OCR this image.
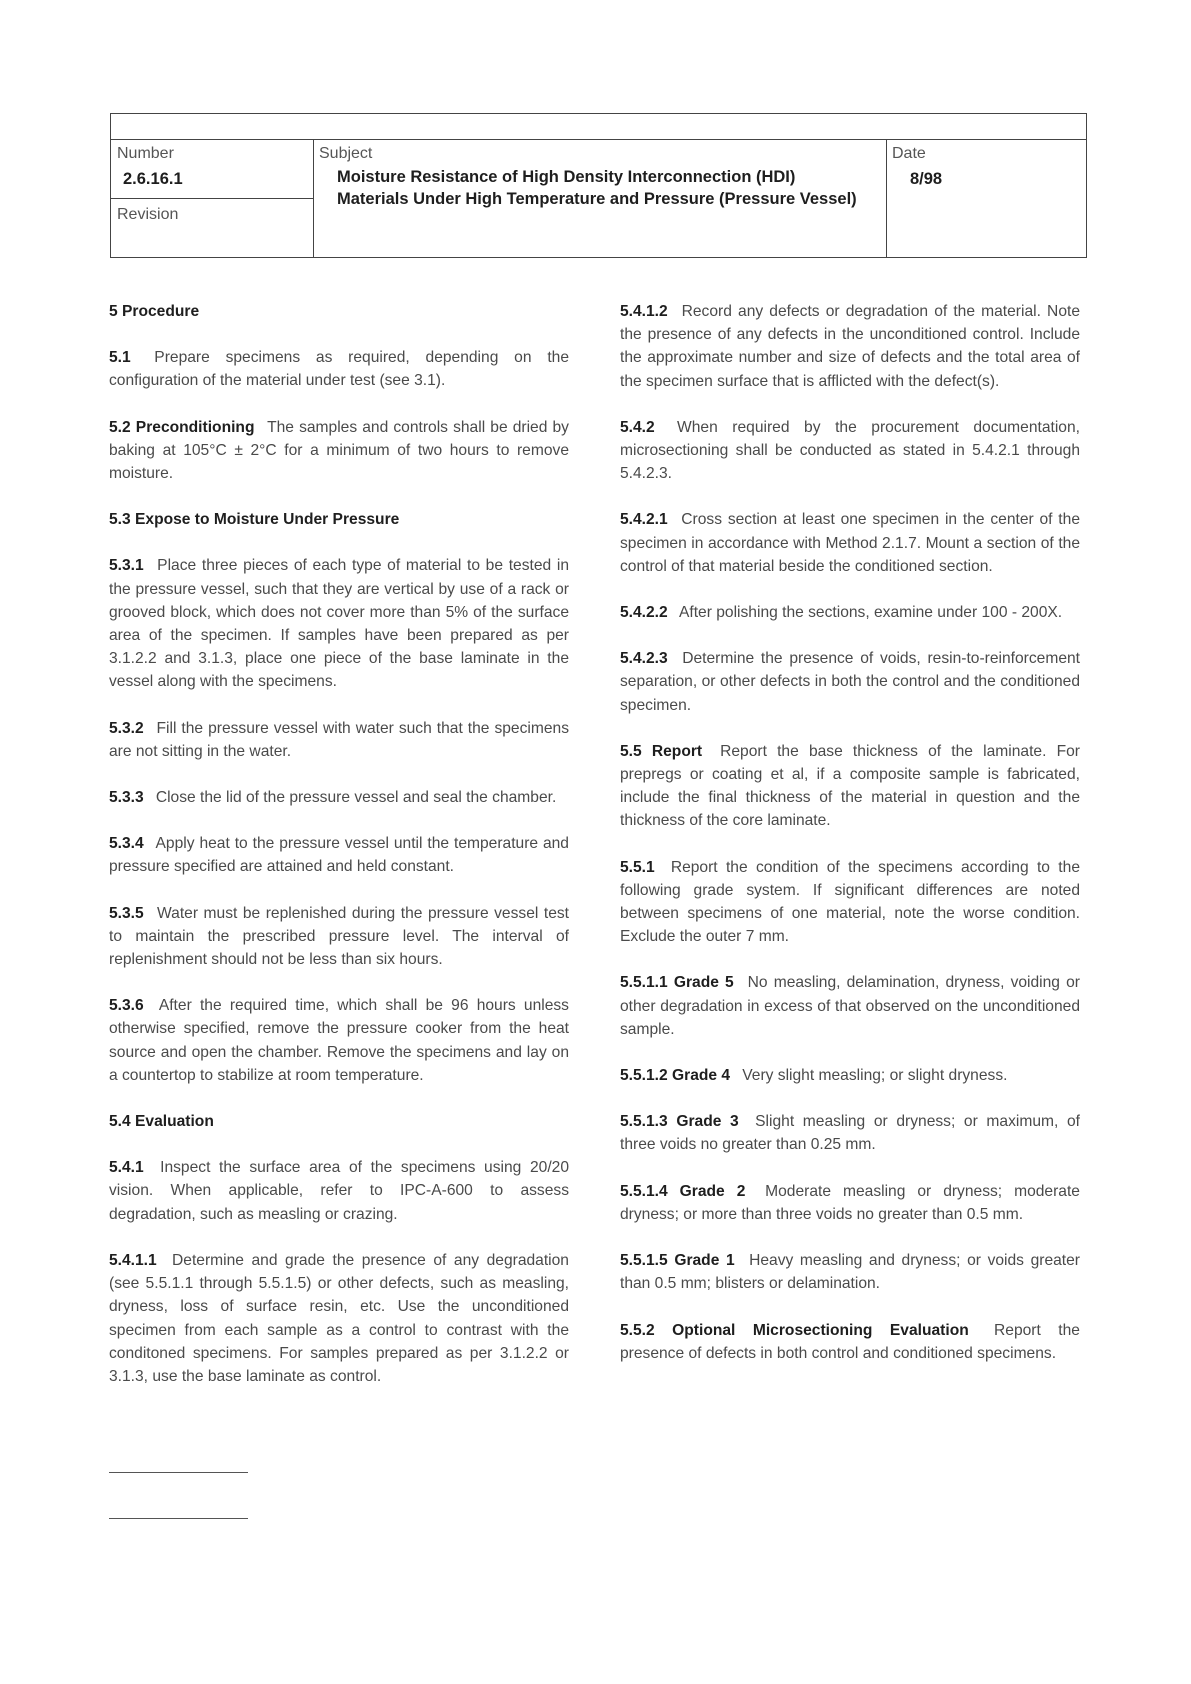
Number
2.6.16.1
Revision
Subject
Moisture Resistance of High Density Interconnection (HDI) Materials Under High Temperature and Pressure (Pressure Vessel)
Date
8/98
5 Procedure

5.1  Prepare specimens as required, depending on the configuration of the material under test (see 3.1).

5.2 Preconditioning  The samples and controls shall be dried by baking at 105°C ± 2°C for a minimum of two hours to remove moisture.

5.3 Expose to Moisture Under Pressure

5.3.1  Place three pieces of each type of material to be tested in the pressure vessel, such that they are vertical by use of a rack or grooved block, which does not cover more than 5% of the surface area of the specimen. If samples have been prepared as per 3.1.2.2 and 3.1.3, place one piece of the base laminate in the vessel along with the specimens.

5.3.2  Fill the pressure vessel with water such that the specimens are not sitting in the water.

5.3.3  Close the lid of the pressure vessel and seal the chamber.

5.3.4  Apply heat to the pressure vessel until the temperature and pressure specified are attained and held constant.

5.3.5  Water must be replenished during the pressure vessel test to maintain the prescribed pressure level. The interval of replenishment should not be less than six hours.

5.3.6  After the required time, which shall be 96 hours unless otherwise specified, remove the pressure cooker from the heat source and open the chamber. Remove the specimens and lay on a countertop to stabilize at room temperature.

5.4 Evaluation

5.4.1  Inspect the surface area of the specimens using 20/20 vision. When applicable, refer to IPC-A-600 to assess degradation, such as measling or crazing.

5.4.1.1  Determine and grade the presence of any degradation (see 5.5.1.1 through 5.5.1.5) or other defects, such as measling, dryness, loss of surface resin, etc. Use the unconditioned specimen from each sample as a control to contrast with the conditoned specimens. For samples prepared as per 3.1.2.2 or 3.1.3, use the base laminate as control.

5.4.1.2  Record any defects or degradation of the material. Note the presence of any defects in the unconditioned control. Include the approximate number and size of defects and the total area of the specimen surface that is afflicted with the defect(s).

5.4.2  When required by the procurement documentation, microsectioning shall be conducted as stated in 5.4.2.1 through 5.4.2.3.

5.4.2.1  Cross section at least one specimen in the center of the specimen in accordance with Method 2.1.7. Mount a section of the control of that material beside the conditioned section.

5.4.2.2  After polishing the sections, examine under 100 - 200X.

5.4.2.3  Determine the presence of voids, resin-to-reinforcement separation, or other defects in both the control and the conditioned specimen.

5.5 Report  Report the base thickness of the laminate. For prepregs or coating et al, if a composite sample is fabricated, include the final thickness of the material in question and the thickness of the core laminate.

5.5.1  Report the condition of the specimens according to the following grade system. If significant differences are noted between specimens of one material, note the worse condition. Exclude the outer 7 mm.

5.5.1.1 Grade 5  No measling, delamination, dryness, voiding or other degradation in excess of that observed on the unconditioned sample.

5.5.1.2 Grade 4  Very slight measling; or slight dryness.

5.5.1.3 Grade 3  Slight measling or dryness; or maximum, of three voids no greater than 0.25 mm.

5.5.1.4 Grade 2  Moderate measling or dryness; moderate dryness; or more than three voids no greater than 0.5 mm.

5.5.1.5 Grade 1  Heavy measling and dryness; or voids greater than 0.5 mm; blisters or delamination.

5.5.2 Optional Microsectioning Evaluation  Report the presence of defects in both control and conditioned specimens.
